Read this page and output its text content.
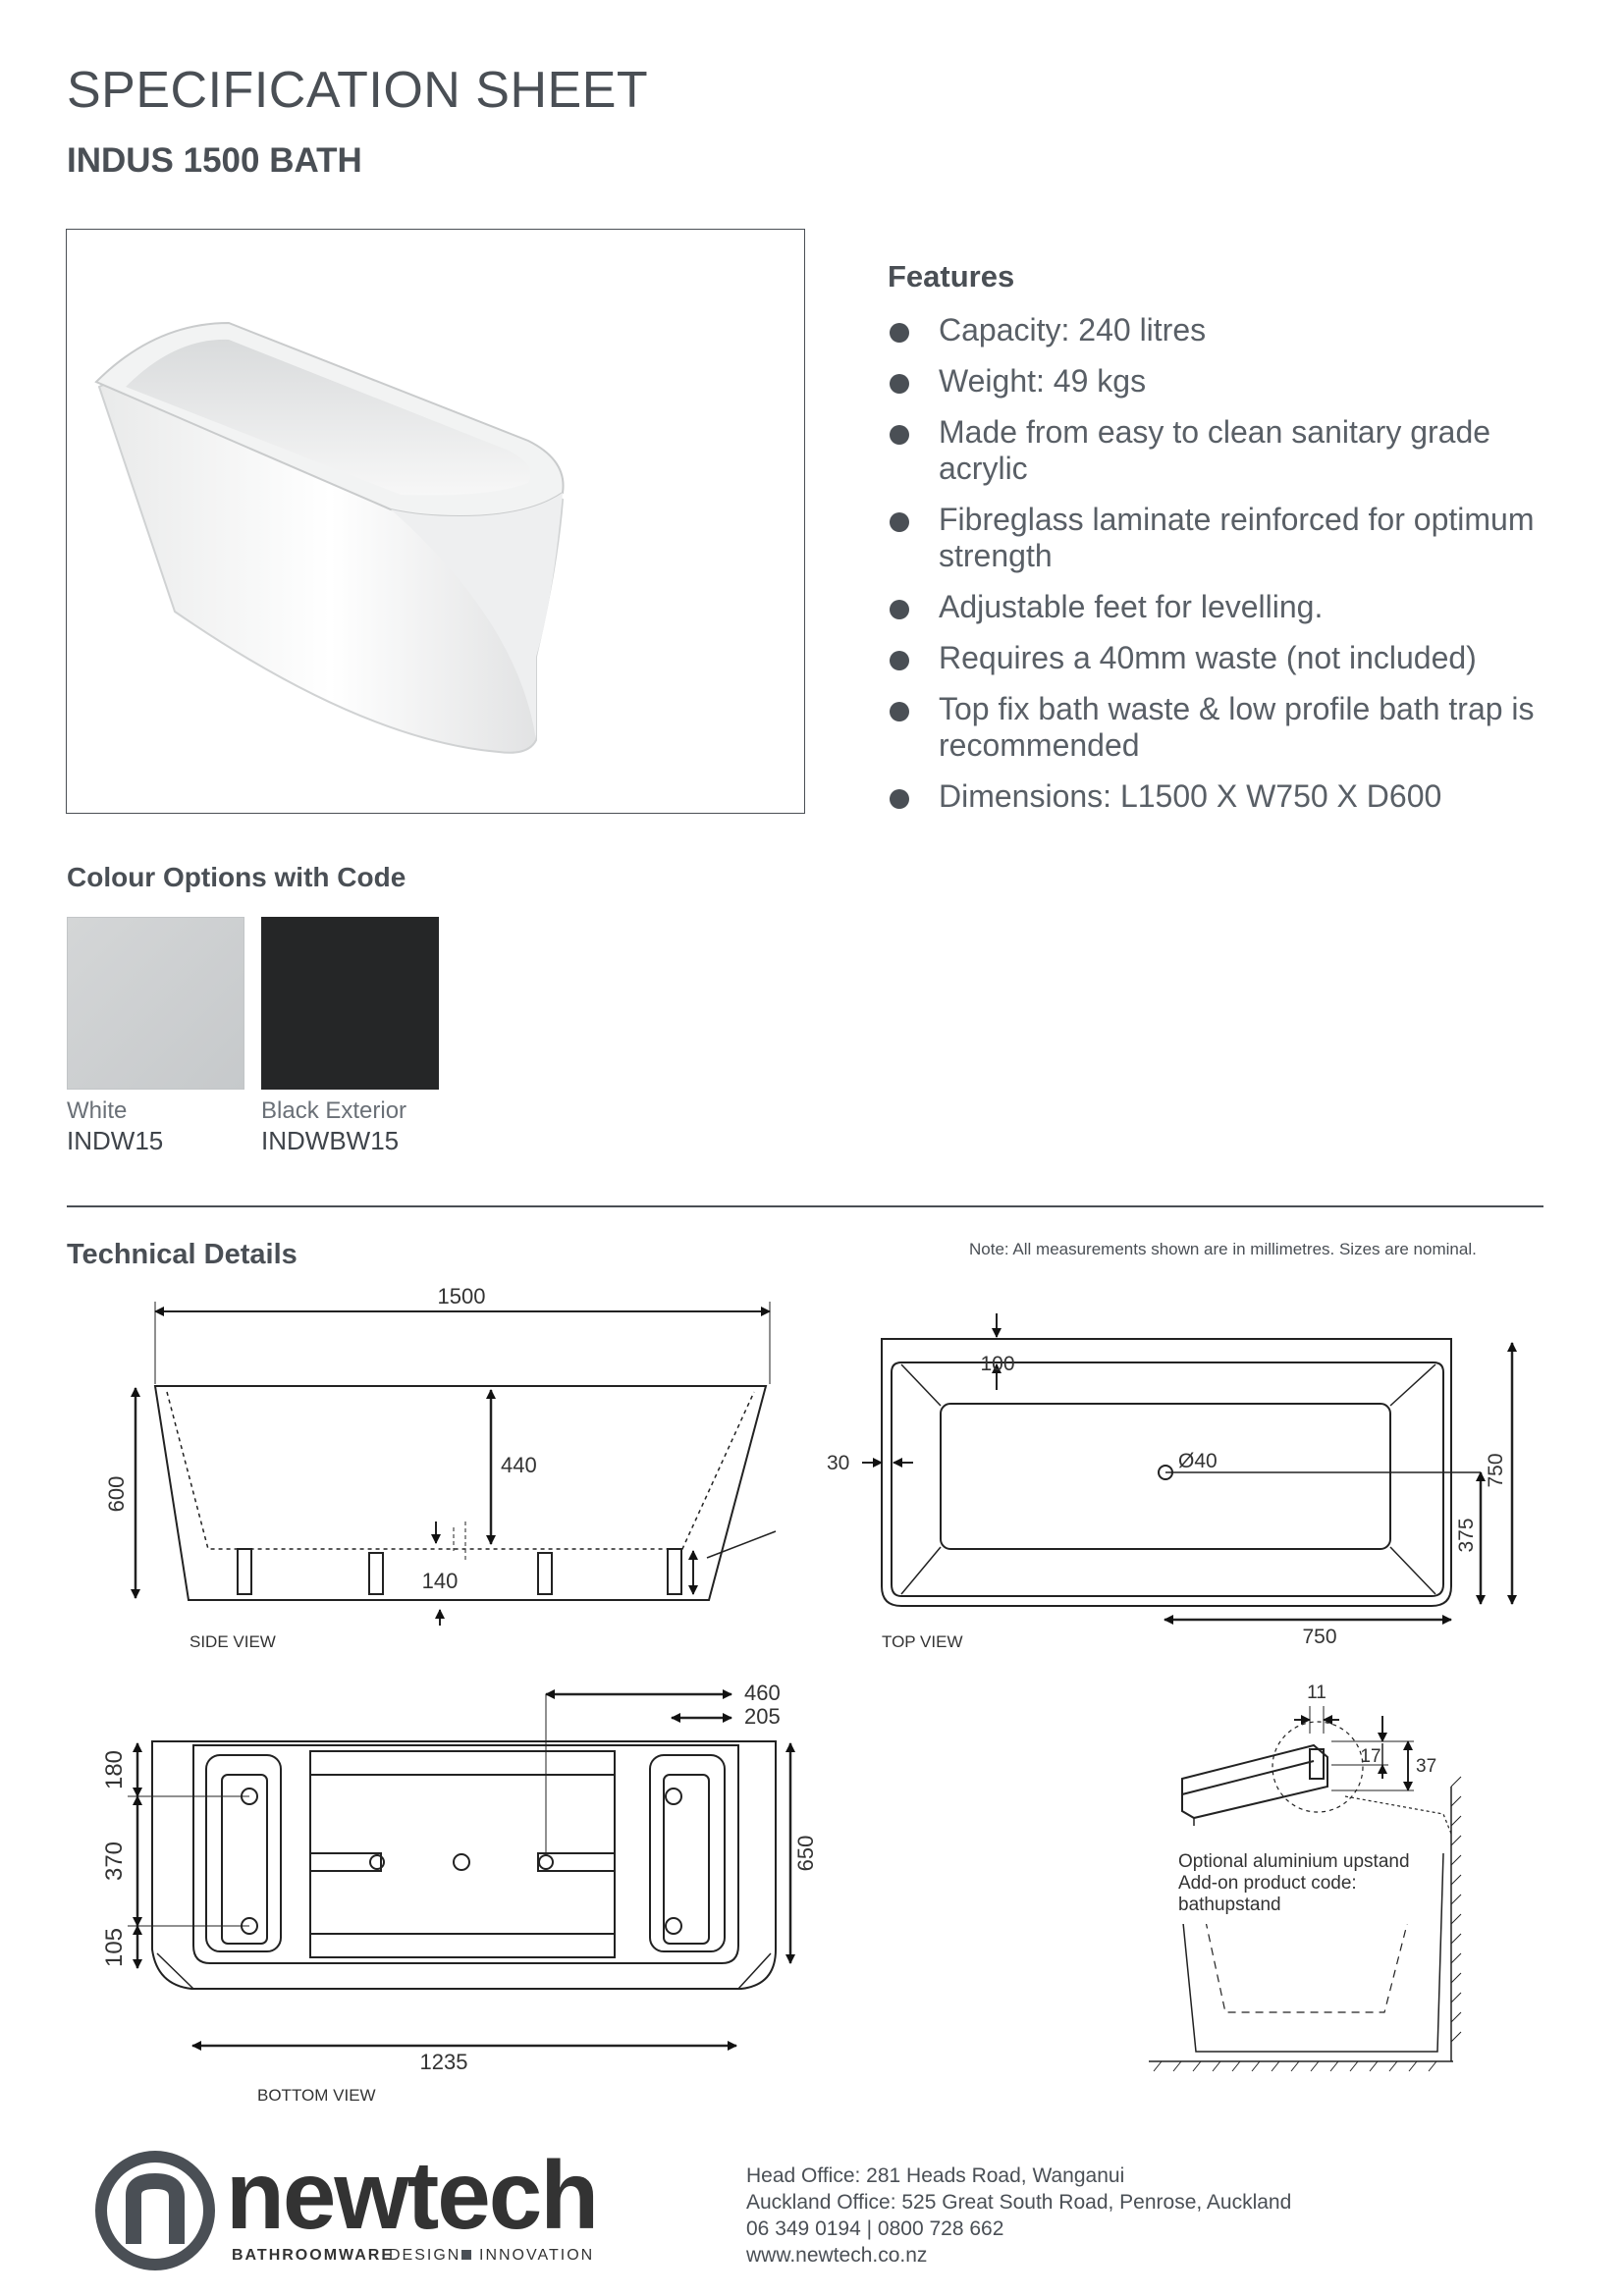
SPECIFICATION SHEET
INDUS 1500 BATH
Features
Capacity: 240 litres
Weight: 49 kgs
Made from easy to clean sanitary grade acrylic
Fibreglass laminate reinforced for optimum strength
Adjustable feet for levelling.
Requires a 40mm waste (not included)
Top fix bath waste & low profile bath trap is recommended
Dimensions: L1500 X W750 X D600
Colour Options with Code
White
INDW15
Black Exterior
INDWBW15
Technical Details	Note: All measurements shown are in millimetres. Sizes are nominal.
1500
440
600
140
SIDE VIEW
100
30	Ø40
750
375
750
TOP VIEW
460
205
180
370
105
650
1235
BOTTOM VIEW
11
17 37
Optional aluminium upstand
Add-on product code:
bathupstand
newtech
BATHROOMWARE
DESIGN INNOVATION
Head Office: 281 Heads Road, Wanganui
Auckland Office: 525 Great South Road, Penrose, Auckland
06 349 0194 | 0800 728 662
www.newtech.co.nz
